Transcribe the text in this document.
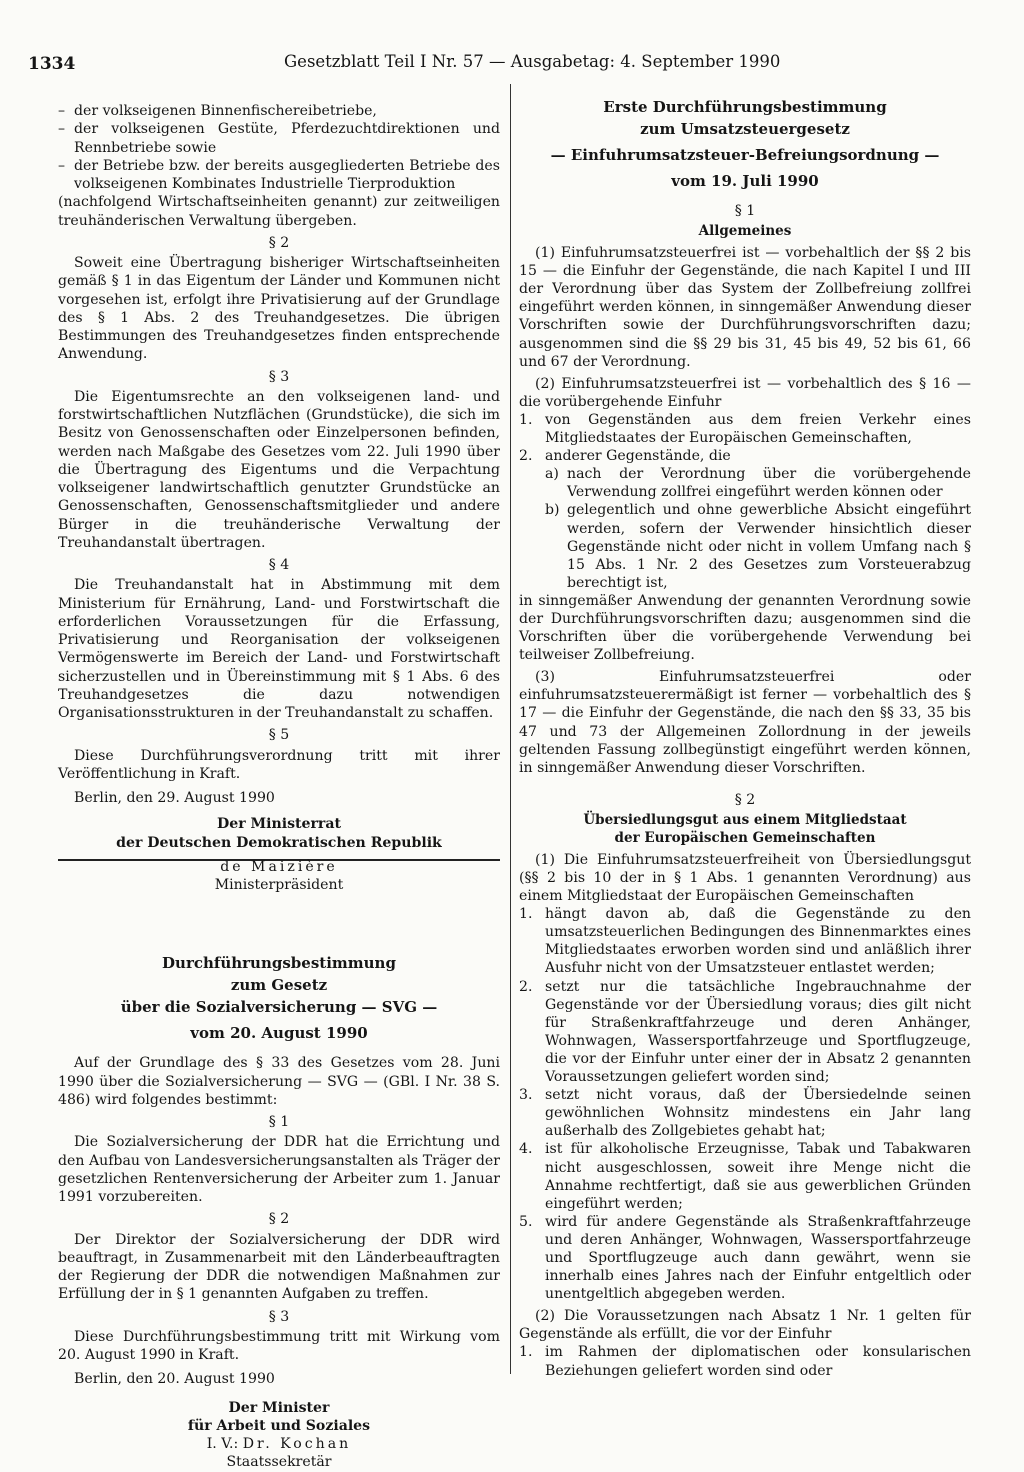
1334	Gesetzblatt Teil I Nr. 57 — Ausgabetag: 4. September 1990
– der volkseigenen Binnenfischereibetriebe,
– der volkseigenen Gestüte, Pferdezuchtdirektionen und Rennbetriebe sowie
– der Betriebe bzw. der bereits ausgegliederten Betriebe des volkseigenen Kombinates Industrielle Tierproduktion

(nachfolgend Wirtschaftseinheiten genannt) zur zeitweiligen treuhänderischen Verwaltung übergeben.

§ 2

Soweit eine Übertragung bisheriger Wirtschaftseinheiten gemäß § 1 in das Eigentum der Länder und Kommunen nicht vorgesehen ist, erfolgt ihre Privatisierung auf der Grundlage des § 1 Abs. 2 des Treuhandgesetzes. Die übrigen Bestimmungen des Treuhandgesetzes finden entsprechende Anwendung.

§ 3

Die Eigentumsrechte an den volkseigenen land- und forstwirtschaftlichen Nutzflächen (Grundstücke), die sich im Besitz von Genossenschaften oder Einzelpersonen befinden, werden nach Maßgabe des Gesetzes vom 22. Juli 1990 über die Übertragung des Eigentums und die Verpachtung volkseigener landwirtschaftlich genutzter Grundstücke an Genossenschaften, Genossenschaftsmitglieder und andere Bürger in die treuhänderische Verwaltung der Treuhandanstalt übertragen.

§ 4

Die Treuhandanstalt hat in Abstimmung mit dem Ministerium für Ernährung, Land- und Forstwirtschaft die erforderlichen Voraussetzungen für die Erfassung, Privatisierung und Reorganisation der volkseigenen Vermögenswerte im Bereich der Land- und Forstwirtschaft sicherzustellen und in Übereinstimmung mit § 1 Abs. 6 des Treuhandgesetzes die dazu notwendigen Organisationsstrukturen in der Treuhandanstalt zu schaffen.

§ 5

Diese Durchführungsverordnung tritt mit ihrer Veröffentlichung in Kraft.

Berlin, den 29. August 1990

Der Ministerrat

der Deutschen Demokratischen Republik

de Maizière

Ministerpräsident

Durchführungsbestimmung

zum Gesetz

über die Sozialversicherung — SVG —

vom 20. August 1990

Auf der Grundlage des § 33 des Gesetzes vom 28. Juni 1990 über die Sozialversicherung — SVG — (GBl. I Nr. 38 S. 486) wird folgendes bestimmt:

§ 1

Die Sozialversicherung der DDR hat die Errichtung und den Aufbau von Landesversicherungsanstalten als Träger der gesetzlichen Rentenversicherung der Arbeiter zum 1. Januar 1991 vorzubereiten.

§ 2

Der Direktor der Sozialversicherung der DDR wird beauftragt, in Zusammenarbeit mit den Länderbeauftragten der Regierung der DDR die notwendigen Maßnahmen zur Erfüllung der in § 1 genannten Aufgaben zu treffen.

§ 3

Diese Durchführungsbestimmung tritt mit Wirkung vom 20. August 1990 in Kraft.

Berlin, den 20. August 1990

Der Minister

für Arbeit und Soziales

I. V.: Dr. Kochan

Staatssekretär

Erste Durchführungsbestimmung

zum Umsatzsteuergesetz

— Einfuhrumsatzsteuer-Befreiungsordnung —

vom 19. Juli 1990

§ 1

Allgemeines

(1) Einfuhrumsatzsteuerfrei ist — vorbehaltlich der §§ 2 bis 15 — die Einfuhr der Gegenstände, die nach Kapitel I und III der Verordnung über das System der Zollbefreiung zollfrei eingeführt werden können, in sinngemäßer Anwendung dieser Vorschriften sowie der Durchführungsvorschriften dazu; ausgenommen sind die §§ 29 bis 31, 45 bis 49, 52 bis 61, 66 und 67 der Verordnung.

(2) Einfuhrumsatzsteuerfrei ist — vorbehaltlich des § 16 — die vorübergehende Einfuhr

1. von Gegenständen aus dem freien Verkehr eines Mitgliedstaates der Europäischen Gemeinschaften,
2. anderer Gegenstände, die
a) nach der Verordnung über die vorübergehende Verwendung zollfrei eingeführt werden können oder
b) gelegentlich und ohne gewerbliche Absicht eingeführt werden, sofern der Verwender hinsichtlich dieser Gegenstände nicht oder nicht in vollem Umfang nach § 15 Abs. 1 Nr. 2 des Gesetzes zum Vorsteuerabzug berechtigt ist,

in sinngemäßer Anwendung der genannten Verordnung sowie der Durchführungsvorschriften dazu; ausgenommen sind die Vorschriften über die vorübergehende Verwendung bei teilweiser Zollbefreiung.

(3) Einfuhrumsatzsteuerfrei oder einfuhrumsatzsteuerermäßigt ist ferner — vorbehaltlich des § 17 — die Einfuhr der Gegenstände, die nach den §§ 33, 35 bis 47 und 73 der Allgemeinen Zollordnung in der jeweils geltenden Fassung zollbegünstigt eingeführt werden können, in sinngemäßer Anwendung dieser Vorschriften.

§ 2

Übersiedlungsgut aus einem Mitgliedstaat

der Europäischen Gemeinschaften

(1) Die Einfuhrumsatzsteuerfreiheit von Übersiedlungsgut (§§ 2 bis 10 der in § 1 Abs. 1 genannten Verordnung) aus einem Mitgliedstaat der Europäischen Gemeinschaften

1. hängt davon ab, daß die Gegenstände zu den umsatzsteuerlichen Bedingungen des Binnenmarktes eines Mitgliedstaates erworben worden sind und anläßlich ihrer Ausfuhr nicht von der Umsatzsteuer entlastet werden;
2. setzt nur die tatsächliche Ingebrauchnahme der Gegenstände vor der Übersiedlung voraus; dies gilt nicht für Straßenkraftfahrzeuge und deren Anhänger, Wohnwagen, Wassersportfahrzeuge und Sportflugzeuge, die vor der Einfuhr unter einer der in Absatz 2 genannten Voraussetzungen geliefert worden sind;
3. setzt nicht voraus, daß der Übersiedelnde seinen gewöhnlichen Wohnsitz mindestens ein Jahr lang außerhalb des Zollgebietes gehabt hat;
4. ist für alkoholische Erzeugnisse, Tabak und Tabakwaren nicht ausgeschlossen, soweit ihre Menge nicht die Annahme rechtfertigt, daß sie aus gewerblichen Gründen eingeführt werden;
5. wird für andere Gegenstände als Straßenkraftfahrzeuge und deren Anhänger, Wohnwagen, Wassersportfahrzeuge und Sportflugzeuge auch dann gewährt, wenn sie innerhalb eines Jahres nach der Einfuhr entgeltlich oder unentgeltlich abgegeben werden.

(2) Die Voraussetzungen nach Absatz 1 Nr. 1 gelten für Gegenstände als erfüllt, die vor der Einfuhr

1. im Rahmen der diplomatischen oder konsularischen Beziehungen geliefert worden sind oder
